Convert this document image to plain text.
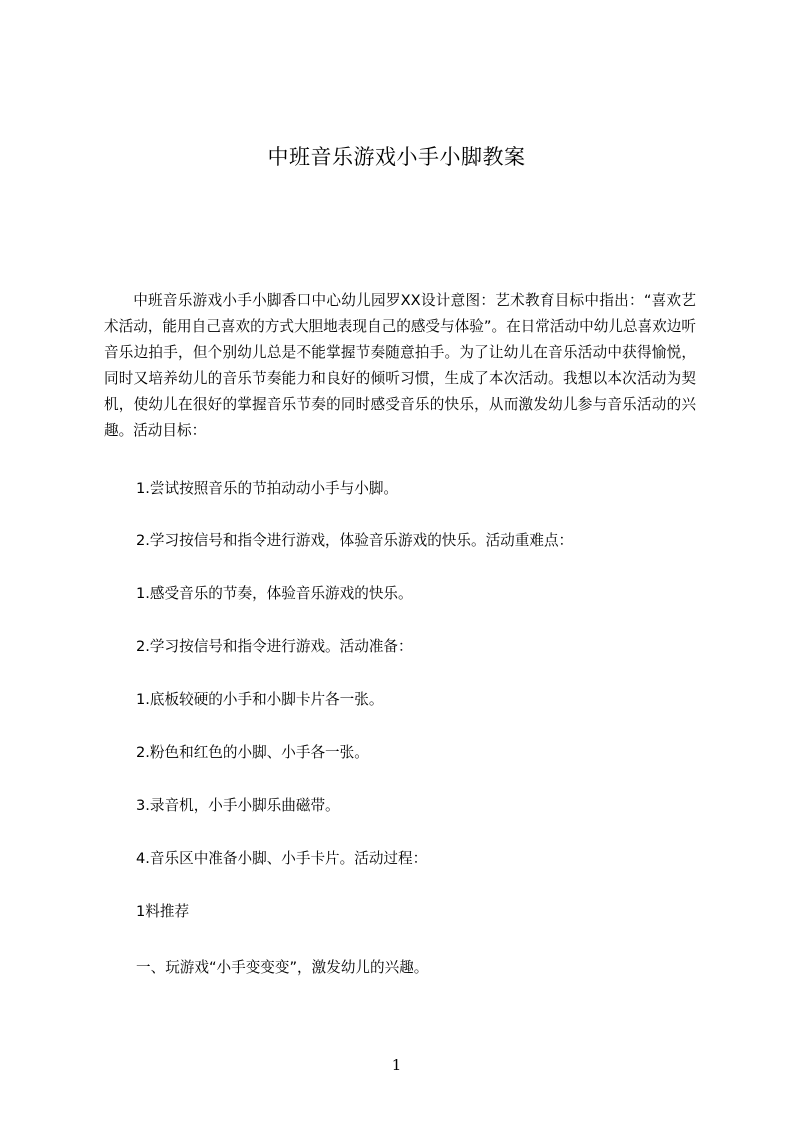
中班音乐游戏小手小脚教案

中班音乐游戏小手小脚香口中心幼儿园罗XX设计意图：艺术教育目标中指出：“喜欢艺术活动，能用自己喜欢的方式大胆地表现自己的感受与体验”。在日常活动中幼儿总喜欢边听音乐边拍手，但个别幼儿总是不能掌握节奏随意拍手。为了让幼儿在音乐活动中获得愉悦，同时又培养幼儿的音乐节奏能力和良好的倾听习惯，生成了本次活动。我想以本次活动为契机，使幼儿在很好的掌握音乐节奏的同时感受音乐的快乐，从而激发幼儿参与音乐活动的兴趣。活动目标：

1.尝试按照音乐的节拍动动小手与小脚。

2.学习按信号和指令进行游戏，体验音乐游戏的快乐。活动重难点：

1.感受音乐的节奏，体验音乐游戏的快乐。

2.学习按信号和指令进行游戏。活动准备：

1.底板较硬的小手和小脚卡片各一张。

2.粉色和红色的小脚、小手各一张。

3.录音机，小手小脚乐曲磁带。

4.音乐区中准备小脚、小手卡片。活动过程：

1料推荐

一、玩游戏“小手变变变”，激发幼儿的兴趣。

1
